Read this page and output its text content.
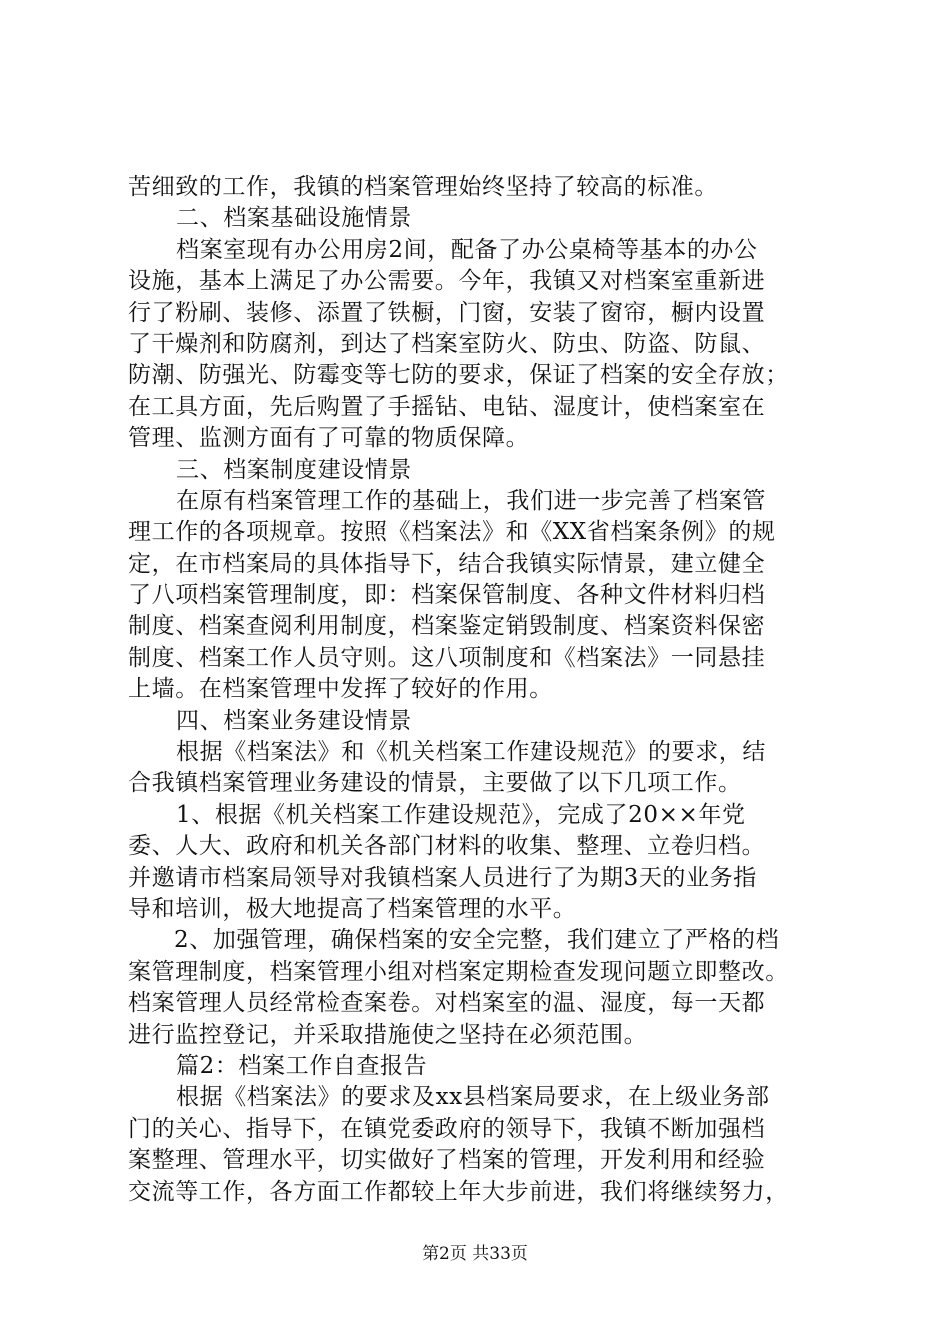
苦细致的工作，我镇的档案管理始终坚持了较高的标准。
二、档案基础设施情景
档案室现有办公用房2间，配备了办公桌椅等基本的办公
设施，基本上满足了办公需要。今年，我镇又对档案室重新进
行了粉刷、装修、添置了铁橱，门窗，安装了窗帘，橱内设置
了干燥剂和防腐剂，到达了档案室防火、防虫、防盗、防鼠、
防潮、防强光、防霉变等七防的要求，保证了档案的安全存放；
在工具方面，先后购置了手摇钻、电钻、湿度计，使档案室在
管理、监测方面有了可靠的物质保障。
三、档案制度建设情景
在原有档案管理工作的基础上，我们进一步完善了档案管
理工作的各项规章。按照《档案法》和《XX省档案条例》的规
定，在市档案局的具体指导下，结合我镇实际情景，建立健全
了八项档案管理制度，即：档案保管制度、各种文件材料归档
制度、档案查阅利用制度，档案鉴定销毁制度、档案资料保密
制度、档案工作人员守则。这八项制度和《档案法》一同悬挂
上墙。在档案管理中发挥了较好的作用。
四、档案业务建设情景
根据《档案法》和《机关档案工作建设规范》的要求，结
合我镇档案管理业务建设的情景，主要做了以下几项工作。
1、根据《机关档案工作建设规范》，完成了20××年党
委、人大、政府和机关各部门材料的收集、整理、立卷归档。
并邀请市档案局领导对我镇档案人员进行了为期3天的业务指
导和培训，极大地提高了档案管理的水平。
2、加强管理，确保档案的安全完整，我们建立了严格的档
案管理制度，档案管理小组对档案定期检查发现问题立即整改。
档案管理人员经常检查案卷。对档案室的温、湿度，每一天都
进行监控登记，并采取措施使之坚持在必须范围。
篇2：档案工作自查报告
根据《档案法》的要求及xx县档案局要求，在上级业务部
门的关心、指导下，在镇党委政府的领导下，我镇不断加强档
案整理、管理水平，切实做好了档案的管理，开发利用和经验
交流等工作，各方面工作都较上年大步前进，我们将继续努力，
第2页 共33页
